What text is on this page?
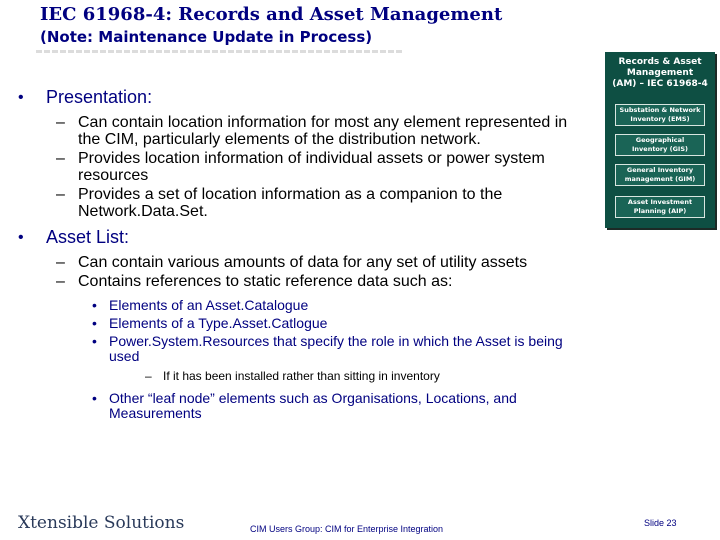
IEC 61968-4: Records and Asset Management
(Note: Maintenance Update in Process)
• Presentation:
– Can contain location information for most any element represented in the CIM, particularly elements of the distribution network.
– Provides location information of individual assets or power system resources
– Provides a set of location information as a companion to the Network.Data.Set.
• Asset List:
– Can contain various amounts of data for any set of utility assets
– Contains references to static reference data such as:
• Elements of an Asset.Catalogue
• Elements of a Type.Asset.Catlogue
• Power.System.Resources that specify the role in which the Asset is being used
– If it has been installed rather than sitting in inventory
• Other “leaf node” elements such as Organisations, Locations, and Measurements
Records & Asset
Management
(AM) – IEC 61968-4
Substation & Network
Inventory (EMS)
Geographical
Inventory (GIS)
General Inventory
management (GIM)
Asset Investment
Planning (AIP)
Xtensible Solutions	CIM Users Group: CIM for Enterprise Integration
Slide 23
